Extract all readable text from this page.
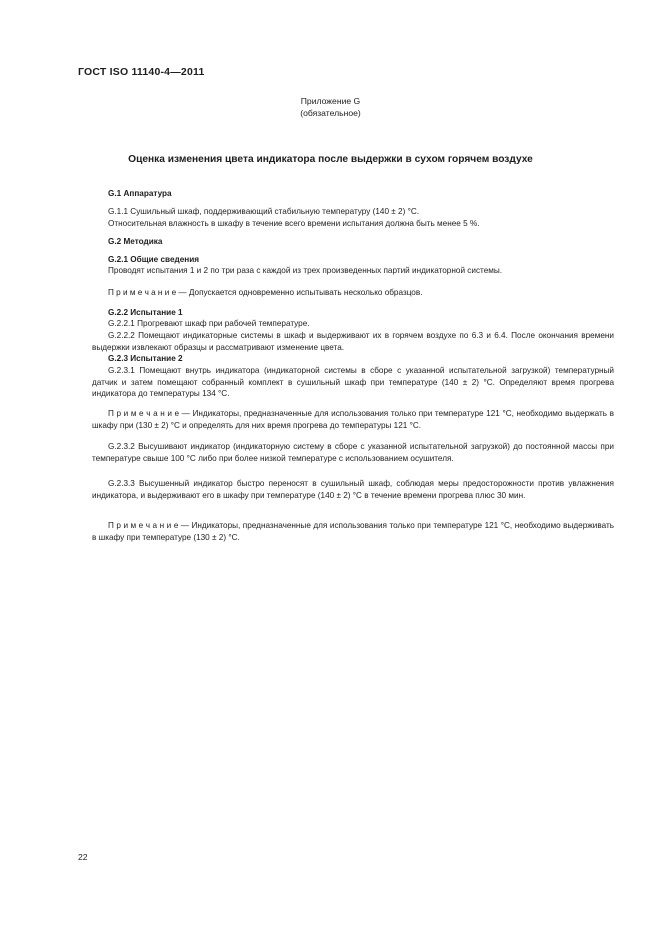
ГОСТ ISO 11140-4—2011
Приложение G
(обязательное)
Оценка изменения цвета индикатора после выдержки в сухом горячем воздухе
G.1 Аппаратура
G.1.1 Сушильный шкаф, поддерживающий стабильную температуру (140 ± 2) °C.
Относительная влажность в шкафу в течение всего времени испытания должна быть менее 5 %.
G.2 Методика
G.2.1 Общие сведения
Проводят испытания 1 и 2 по три раза с каждой из трех произведенных партий индикаторной системы.
П р и м е ч а н и е — Допускается одновременно испытывать несколько образцов.
G.2.2 Испытание 1
G.2.2.1 Прогревают шкаф при рабочей температуре.
G.2.2.2 Помещают индикаторные системы в шкаф и выдерживают их в горячем воздухе по 6.3 и 6.4. После окончания времени выдержки извлекают образцы и рассматривают изменение цвета.
G.2.3 Испытание 2
G.2.3.1 Помещают внутрь индикатора (индикаторной системы в сборе с указанной испытательной загрузкой) температурный датчик и затем помещают собранный комплект в сушильный шкаф при температуре (140 ± 2) °C. Определяют время прогрева индикатора до температуры 134 °C.
П р и м е ч а н и е — Индикаторы, предназначенные для использования только при температуре 121 °C, необходимо выдержать в шкафу при (130 ± 2) °C и определять для них время прогрева до температуры 121 °C.
G.2.3.2 Высушивают индикатор (индикаторную систему в сборе с указанной испытательной загрузкой) до постоянной массы при температуре свыше 100 °C либо при более низкой температуре с использованием осушителя.
G.2.3.3 Высушенный индикатор быстро переносят в сушильный шкаф, соблюдая меры предосторожности против увлажнения индикатора, и выдерживают его в шкафу при температуре (140 ± 2) °C в течение времени прогрева плюс 30 мин.
П р и м е ч а н и е — Индикаторы, предназначенные для использования только при температуре 121 °C, необходимо выдерживать в шкафу при температуре (130 ± 2) °C.
22
